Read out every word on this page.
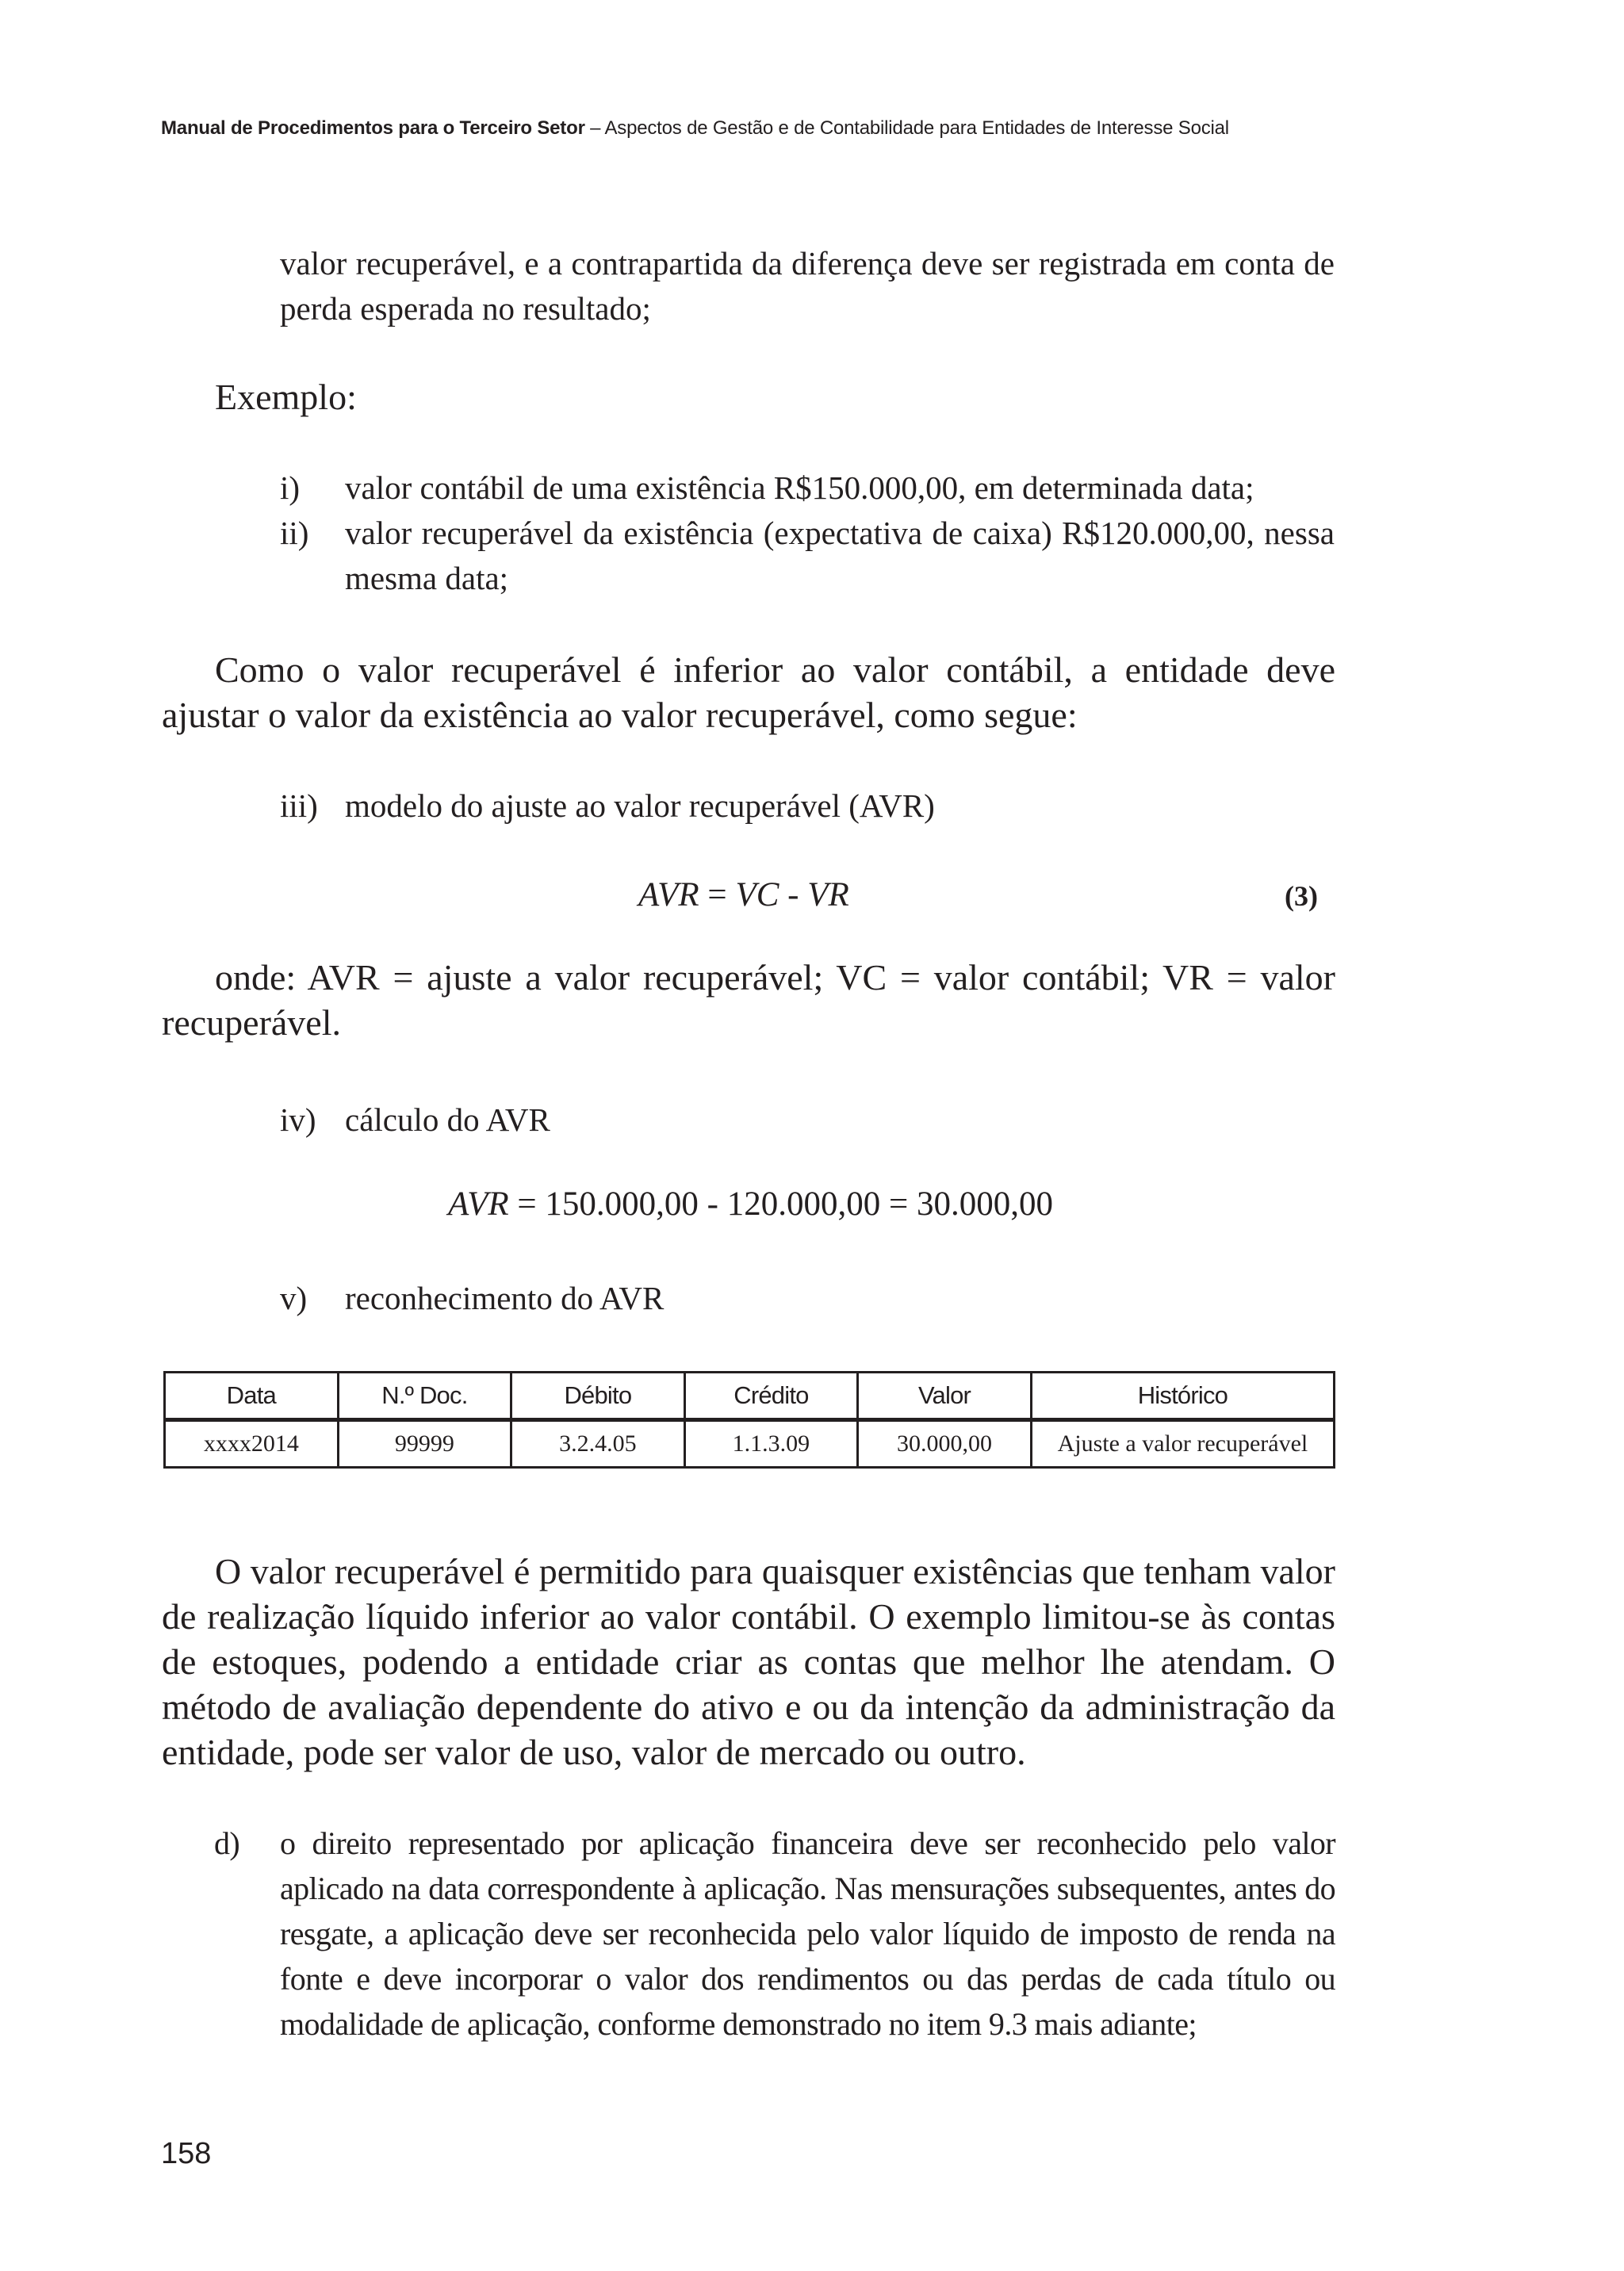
Manual de Procedimentos para o Terceiro Setor – Aspectos de Gestão e de Contabilidade para Entidades de Interesse Social
valor recuperável, e a contrapartida da diferença deve ser registrada em conta de perda esperada no resultado;
Exemplo:
i) valor contábil de uma existência R$150.000,00, em determinada data;
ii) valor recuperável da existência (expectativa de caixa) R$120.000,00, nessa mesma data;
Como o valor recuperável é inferior ao valor contábil, a entidade deve ajustar o valor da existência ao valor recuperável, como segue:
iii) modelo do ajuste ao valor recuperável (AVR)
AVR = VC - VR	(3)
onde: AVR = ajuste a valor recuperável; VC = valor contábil; VR = valor recuperável.
iv) cálculo do AVR
AVR = 150.000,00 - 120.000,00 = 30.000,00
v) reconhecimento do AVR
Data	N.º Doc.	Débito	Crédito	Valor	Histórico
xxxx2014	99999	3.2.4.05	1.1.3.09	30.000,00	Ajuste a valor recuperável
O valor recuperável é permitido para quaisquer existências que tenham valor de realização líquido inferior ao valor contábil. O exemplo limitou-se às contas de estoques, podendo a entidade criar as contas que melhor lhe atendam. O método de avaliação dependente do ativo e ou da intenção da administração da entidade, pode ser valor de uso, valor de mercado ou outro.
d) o direito representado por aplicação financeira deve ser reconhecido pelo valor aplicado na data correspondente à aplicação. Nas mensurações subsequentes, antes do resgate, a aplicação deve ser reconhecida pelo valor líquido de imposto de renda na fonte e deve incorporar o valor dos rendimentos ou das perdas de cada título ou modalidade de aplicação, conforme demonstrado no item 9.3 mais adiante;
158
